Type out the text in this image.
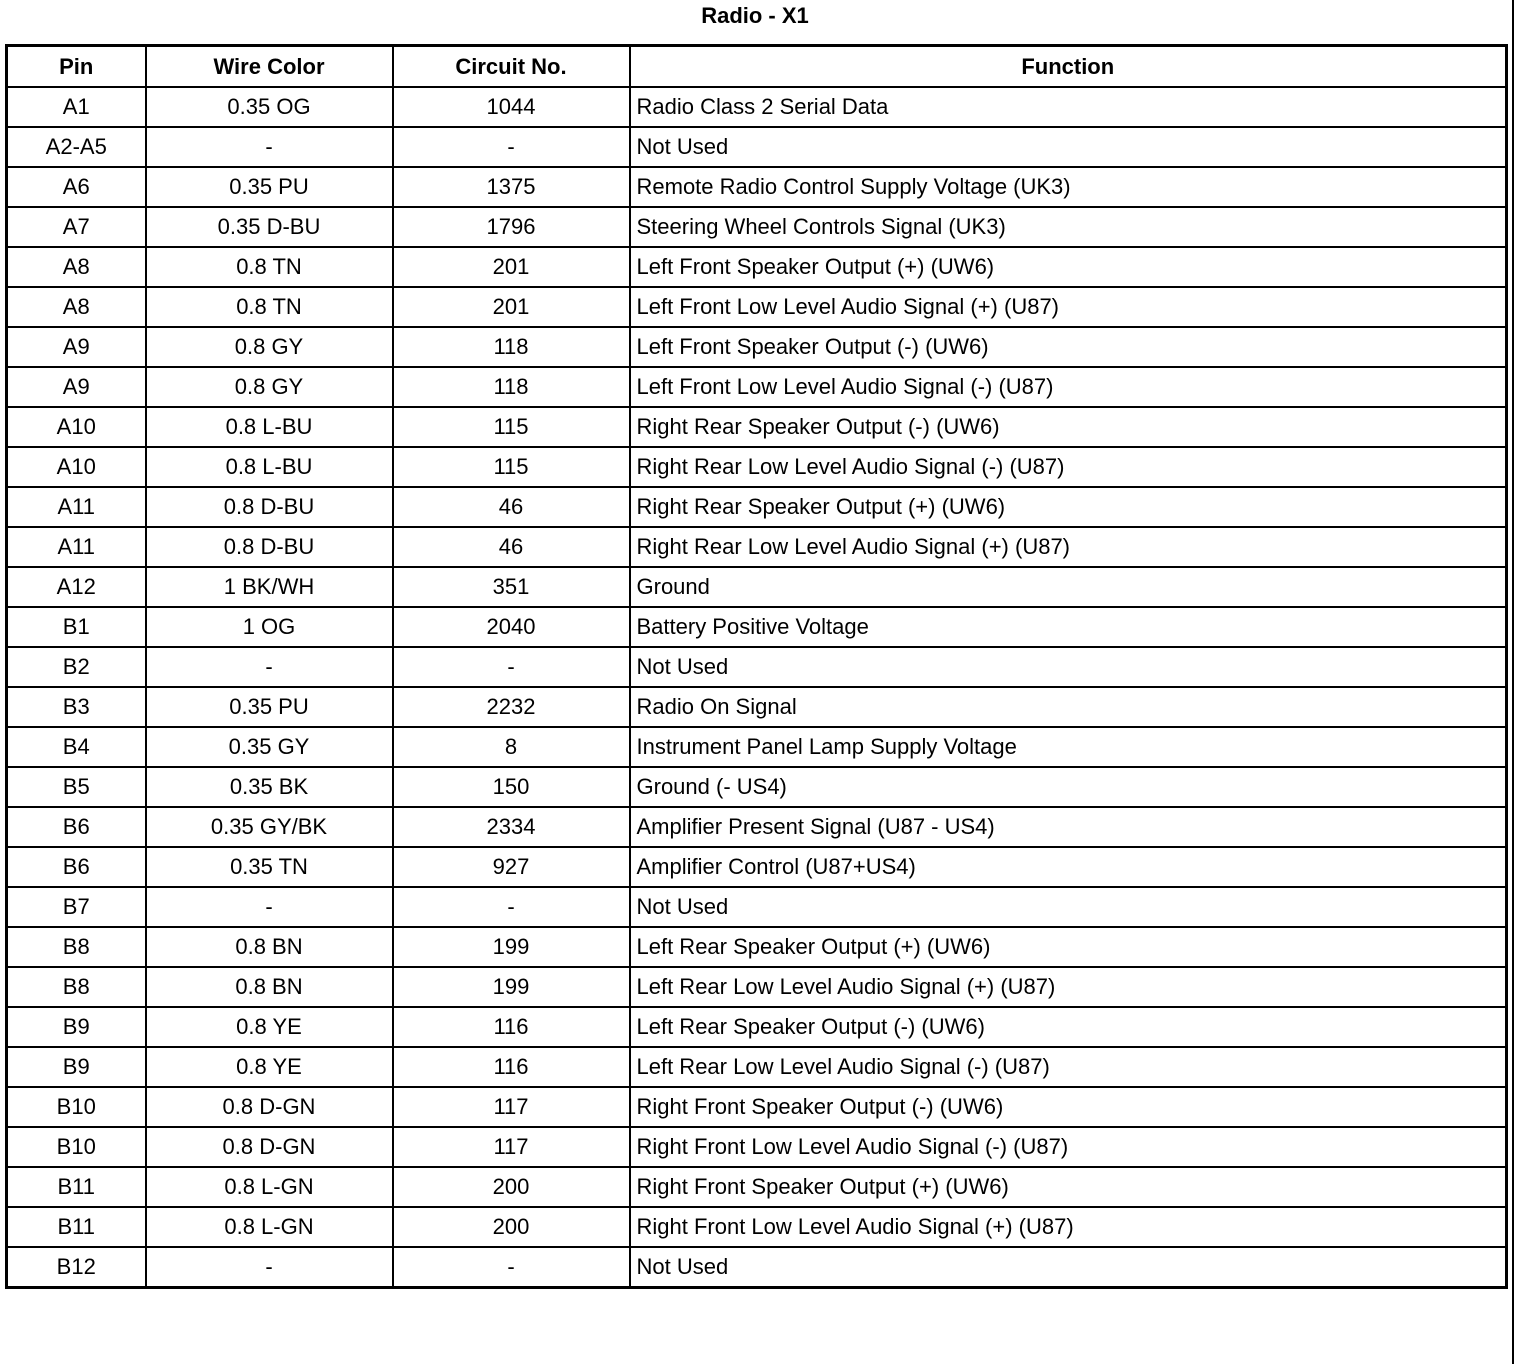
Radio - X1
Pin	Wire Color	Circuit No.	Function
A1	0.35 OG	1044	Radio Class 2 Serial Data
A2-A5	-	-	Not Used
A6	0.35 PU	1375	Remote Radio Control Supply Voltage (UK3)
A7	0.35 D-BU	1796	Steering Wheel Controls Signal (UK3)
A8	0.8 TN	201	Left Front Speaker Output (+) (UW6)
A8	0.8 TN	201	Left Front Low Level Audio Signal (+) (U87)
A9	0.8 GY	118	Left Front Speaker Output (-) (UW6)
A9	0.8 GY	118	Left Front Low Level Audio Signal (-) (U87)
A10	0.8 L-BU	115	Right Rear Speaker Output (-) (UW6)
A10	0.8 L-BU	115	Right Rear Low Level Audio Signal (-) (U87)
A11	0.8 D-BU	46	Right Rear Speaker Output (+) (UW6)
A11	0.8 D-BU	46	Right Rear Low Level Audio Signal (+) (U87)
A12	1 BK/WH	351	Ground
B1	1 OG	2040	Battery Positive Voltage
B2	-	-	Not Used
B3	0.35 PU	2232	Radio On Signal
B4	0.35 GY	8	Instrument Panel Lamp Supply Voltage
B5	0.35 BK	150	Ground (- US4)
B6	0.35 GY/BK	2334	Amplifier Present Signal (U87 - US4)
B6	0.35 TN	927	Amplifier Control (U87+US4)
B7	-	-	Not Used
B8	0.8 BN	199	Left Rear Speaker Output (+) (UW6)
B8	0.8 BN	199	Left Rear Low Level Audio Signal (+) (U87)
B9	0.8 YE	116	Left Rear Speaker Output (-) (UW6)
B9	0.8 YE	116	Left Rear Low Level Audio Signal (-) (U87)
B10	0.8 D-GN	117	Right Front Speaker Output (-) (UW6)
B10	0.8 D-GN	117	Right Front Low Level Audio Signal (-) (U87)
B11	0.8 L-GN	200	Right Front Speaker Output (+) (UW6)
B11	0.8 L-GN	200	Right Front Low Level Audio Signal (+) (U87)
B12	-	-	Not Used
